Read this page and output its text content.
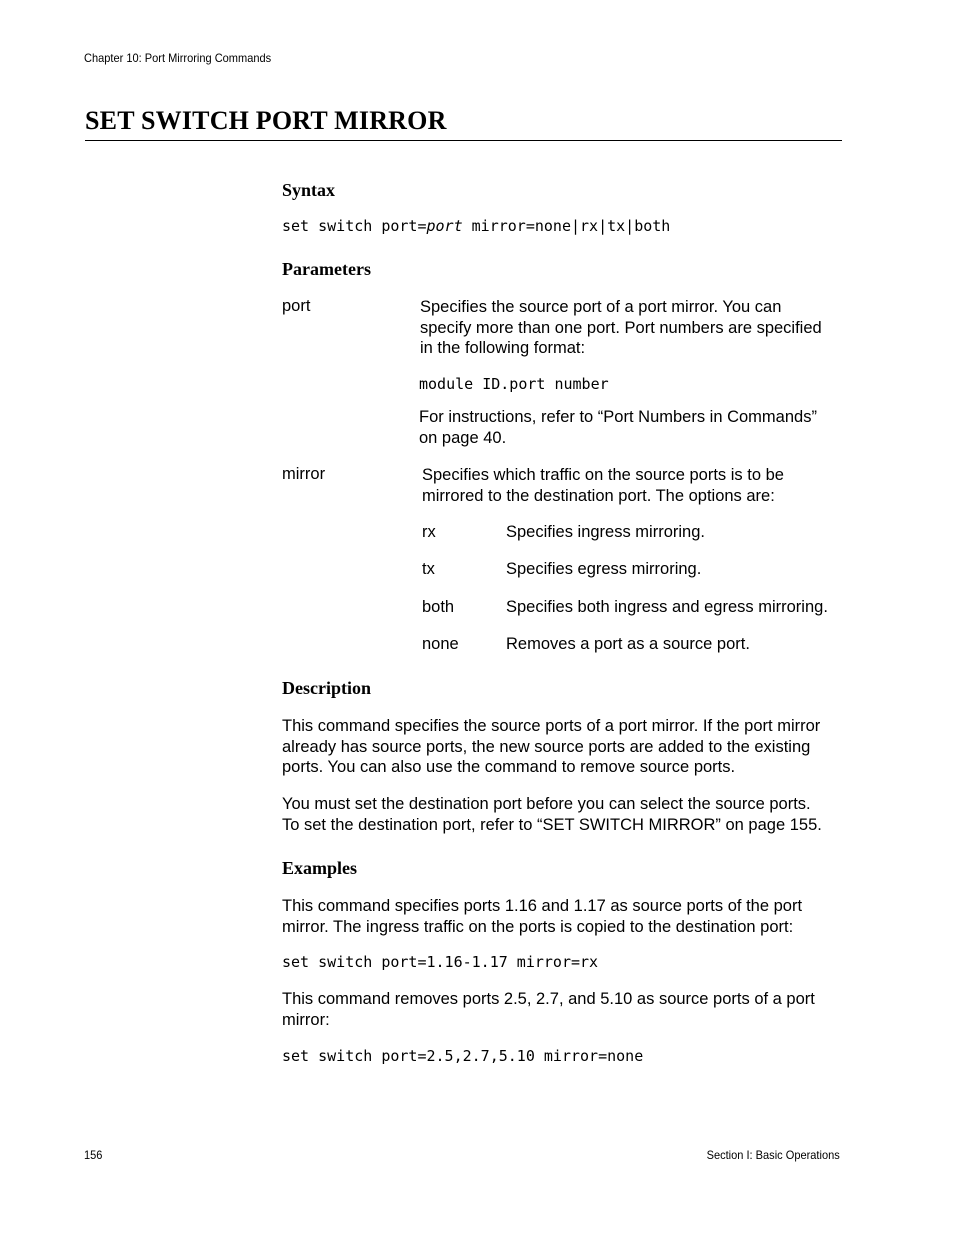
Chapter 10: Port Mirroring Commands
SET SWITCH PORT MIRROR
Syntax
set switch port=port mirror=none|rx|tx|both
Parameters
port	Specifies the source port of a port mirror. You can
specify more than one port. Port numbers are specified
in the following format:
module ID.port number
For instructions, refer to “Port Numbers in Commands”
on page 40.
mirror	Specifies which traffic on the source ports is to be
mirrored to the destination port. The options are:
rx	Specifies ingress mirroring.
tx	Specifies egress mirroring.
both	Specifies both ingress and egress mirroring.
none	Removes a port as a source port.
Description
This command specifies the source ports of a port mirror. If the port mirror
already has source ports, the new source ports are added to the existing
ports. You can also use the command to remove source ports.
You must set the destination port before you can select the source ports.
To set the destination port, refer to “SET SWITCH MIRROR” on page 155.
Examples
This command specifies ports 1.16 and 1.17 as source ports of the port
mirror. The ingress traffic on the ports is copied to the destination port:
set switch port=1.16-1.17 mirror=rx
This command removes ports 2.5, 2.7, and 5.10 as source ports of a port
mirror:
set switch port=2.5,2.7,5.10 mirror=none
156	Section I: Basic Operations
